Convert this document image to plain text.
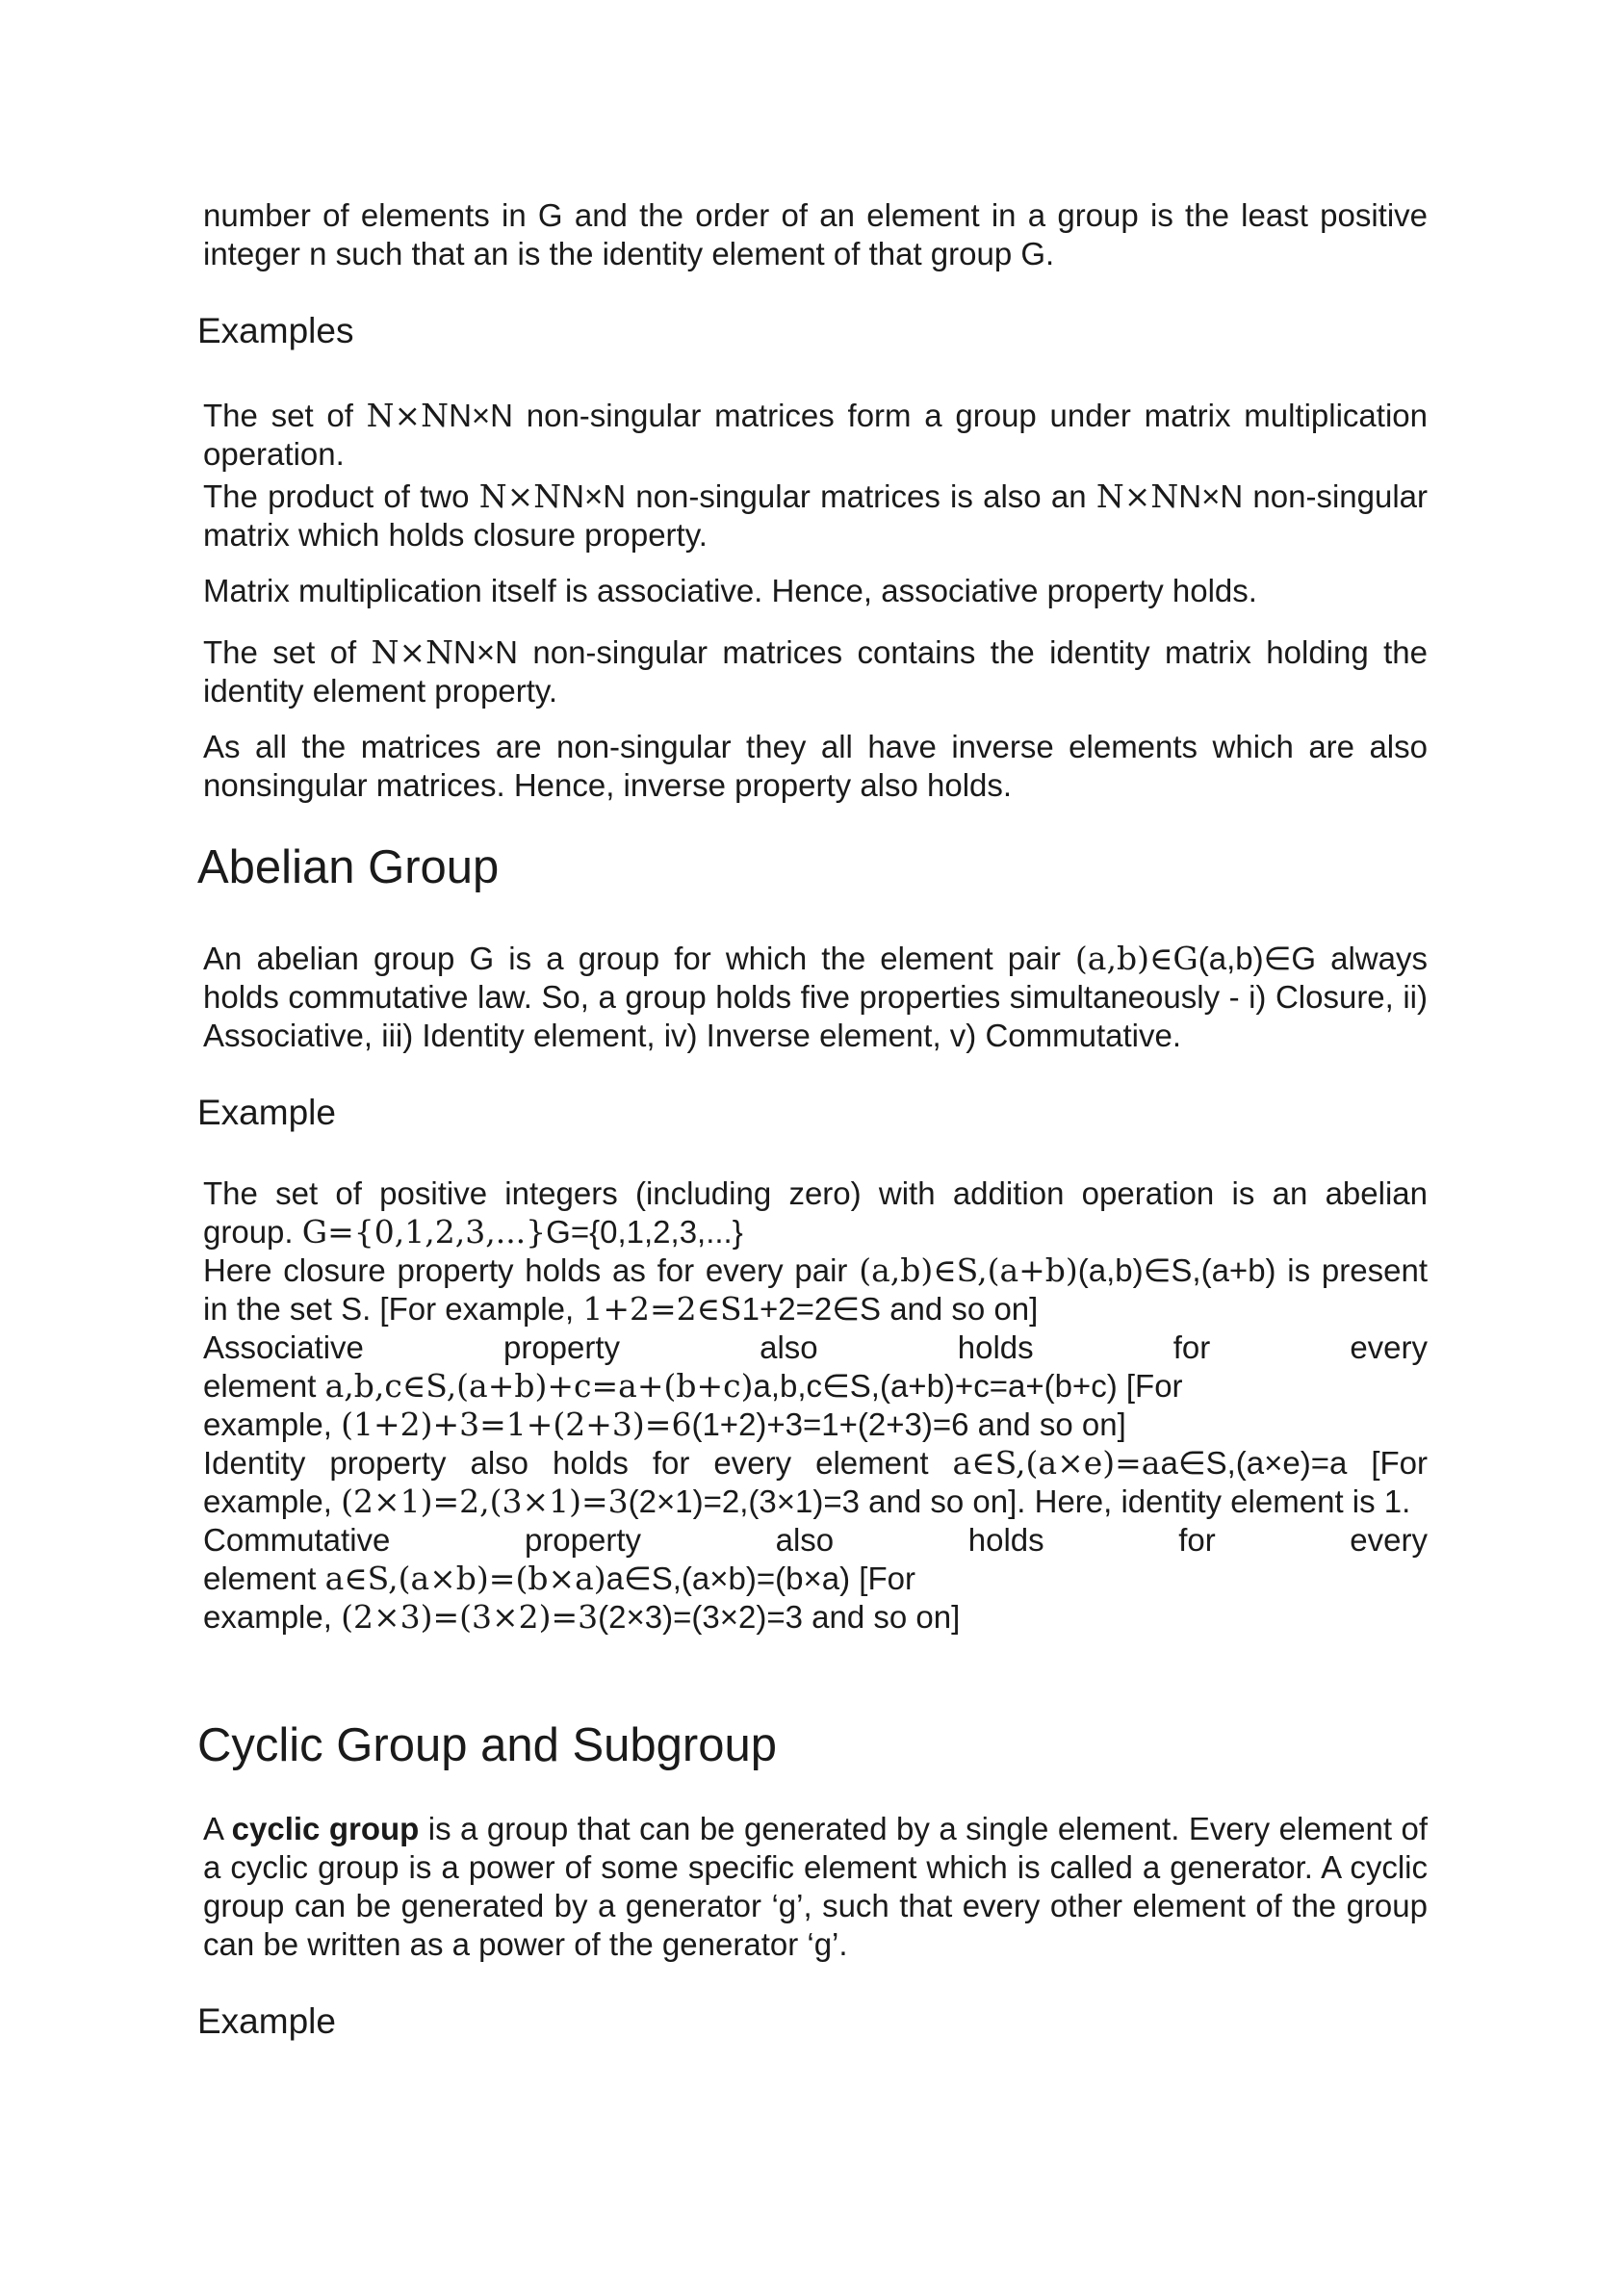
number of elements in G and the order of an element in a group is the least positive
integer n such that an is the identity element of that group G.

Examples

The set of N×NN×N non-singular matrices form a group under matrix multiplication operation.

The product of two N×NN×N non-singular matrices is also an N×NN×N non-singular matrix which holds closure property.

Matrix multiplication itself is associative. Hence, associative property holds.

The set of N×NN×N non-singular matrices contains the identity matrix holding the identity element property.

As all the matrices are non-singular they all have inverse elements which are also nonsingular matrices. Hence, inverse property also holds.

Abelian Group

An abelian group G is a group for which the element pair (a,b)∈G(a,b)∈G always holds commutative law. So, a group holds five properties simultaneously - i) Closure, ii) Associative, iii) Identity element, iv) Inverse element, v) Commutative.

Example
The set of positive integers (including zero) with addition operation is an abelian
group. G={0,1,2,3,...}G={0,1,2,3,...}
Here closure property holds as for every pair (a,b)∈S,(a+b)(a,b)∈S,(a+b) is present
in the set S. [For example, 1+2=2∈S1+2=2∈S and so on]
Associative	property	also	holds	for	every
element a,b,c∈S,(a+b)+c=a+(b+c)a,b,c∈S,(a+b)+c=a+(b+c) [For
example, (1+2)+3=1+(2+3)=6(1+2)+3=1+(2+3)=6 and so on]
Identity property also holds for every element a∈S,(a×e)=aa∈S,(a×e)=a [For
example, (2×1)=2,(3×1)=3(2×1)=2,(3×1)=3 and so on]. Here, identity element is 1.
Commutative	property	also	holds	for	every
element a∈S,(a×b)=(b×a)a∈S,(a×b)=(b×a) [For
example, (2×3)=(3×2)=3(2×3)=(3×2)=3 and so on]
Cyclic Group and Subgroup

A cyclic group is a group that can be generated by a single element. Every element of a cyclic group is a power of some specific element which is called a generator. A cyclic group can be generated by a generator ‘g’, such that every other element of the group can be written as a power of the generator ‘g’.

Example
